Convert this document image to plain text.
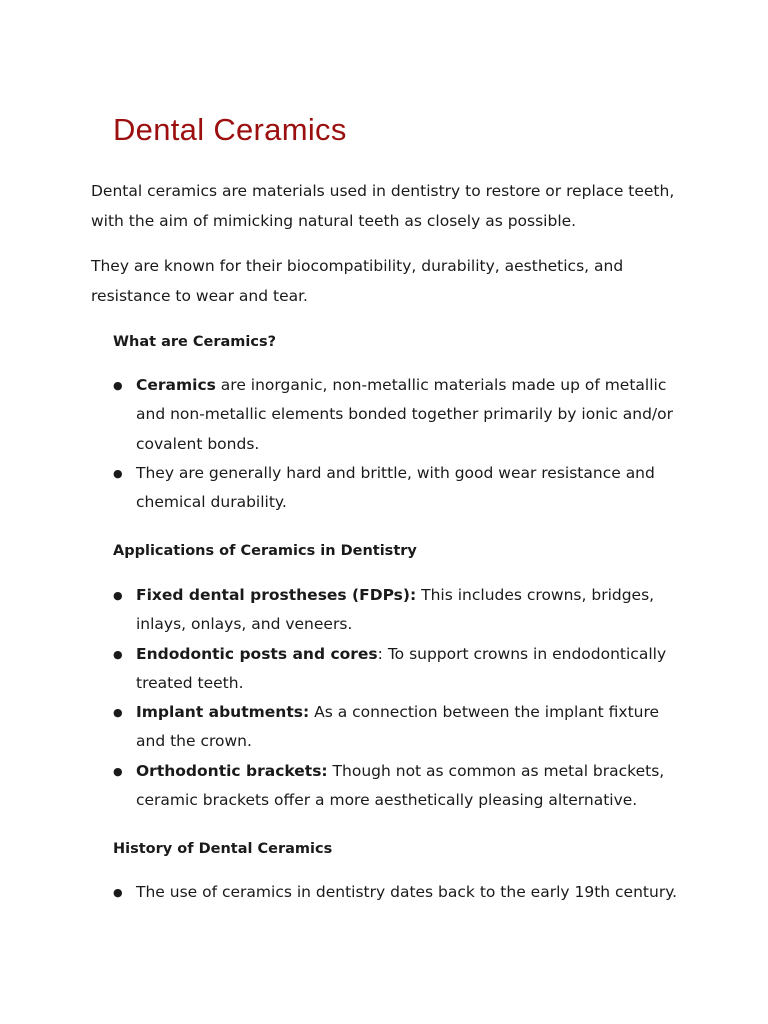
Dental Ceramics

Dental ceramics are materials used in dentistry to restore or replace teeth, with the aim of mimicking natural teeth as closely as possible.

They are known for their biocompatibility, durability, aesthetics, and resistance to wear and tear.

What are Ceramics?
● Ceramics are inorganic, non-metallic materials made up of metallic and non-metallic elements bonded together primarily by ionic and/or covalent bonds.
● They are generally hard and brittle, with good wear resistance and chemical durability.
Applications of Ceramics in Dentistry
● Fixed dental prostheses (FDPs): This includes crowns, bridges, inlays, onlays, and veneers.
● Endodontic posts and cores: To support crowns in endodontically treated teeth.
● Implant abutments: As a connection between the implant fixture and the crown.
● Orthodontic brackets: Though not as common as metal brackets, ceramic brackets offer a more aesthetically pleasing alternative.
History of Dental Ceramics
● The use of ceramics in dentistry dates back to the early 19th century.
